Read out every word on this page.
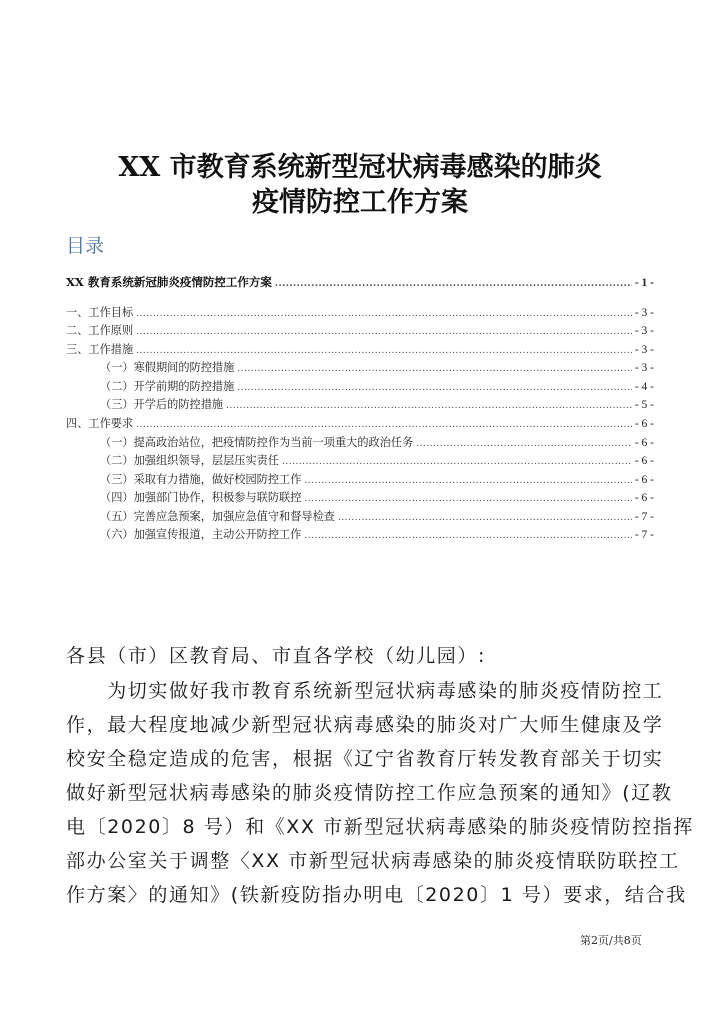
XX 市教育系统新型冠状病毒感染的肺炎
疫情防控工作方案
目录
XX 教育系统新冠肺炎疫情防控工作方案 .....	- 1 -
一、工作目标 .....	- 3 -
二、工作原则 .....	- 3 -
三、工作措施 .....	- 3 -
（一）寒假期间的防控措施 .....	- 3 -
（二）开学前期的防控措施 .....	- 4 -
（三）开学后的防控措施 .....	- 5 -
四、工作要求 .....	- 6 -
（一）提高政治站位，把疫情防控作为当前一项重大的政治任务 .....	- 6 -
（二）加强组织领导，层层压实责任 .....	- 6 -
（三）采取有力措施，做好校园防控工作 .....	- 6 -
（四）加强部门协作，积极参与联防联控 .....	- 6 -
（五）完善应急预案，加强应急值守和督导检查 .....	- 7 -
（六）加强宣传报道，主动公开防控工作 .....	- 7 -
各县（市）区教育局、市直各学校（幼儿园）:
　　为切实做好我市教育系统新型冠状病毒感染的肺炎疫情防控工
作，最大程度地减少新型冠状病毒感染的肺炎对广大师生健康及学
校安全稳定造成的危害，根据《辽宁省教育厅转发教育部关于切实
做好新型冠状病毒感染的肺炎疫情防控工作应急预案的通知》(辽教
电〔2020〕8 号）和《XX 市新型冠状病毒感染的肺炎疫情防控指挥
部办公室关于调整〈XX 市新型冠状病毒感染的肺炎疫情联防联控工
作方案〉的通知》(铁新疫防指办明电〔2020〕1 号）要求，结合我
第2页/共8页
